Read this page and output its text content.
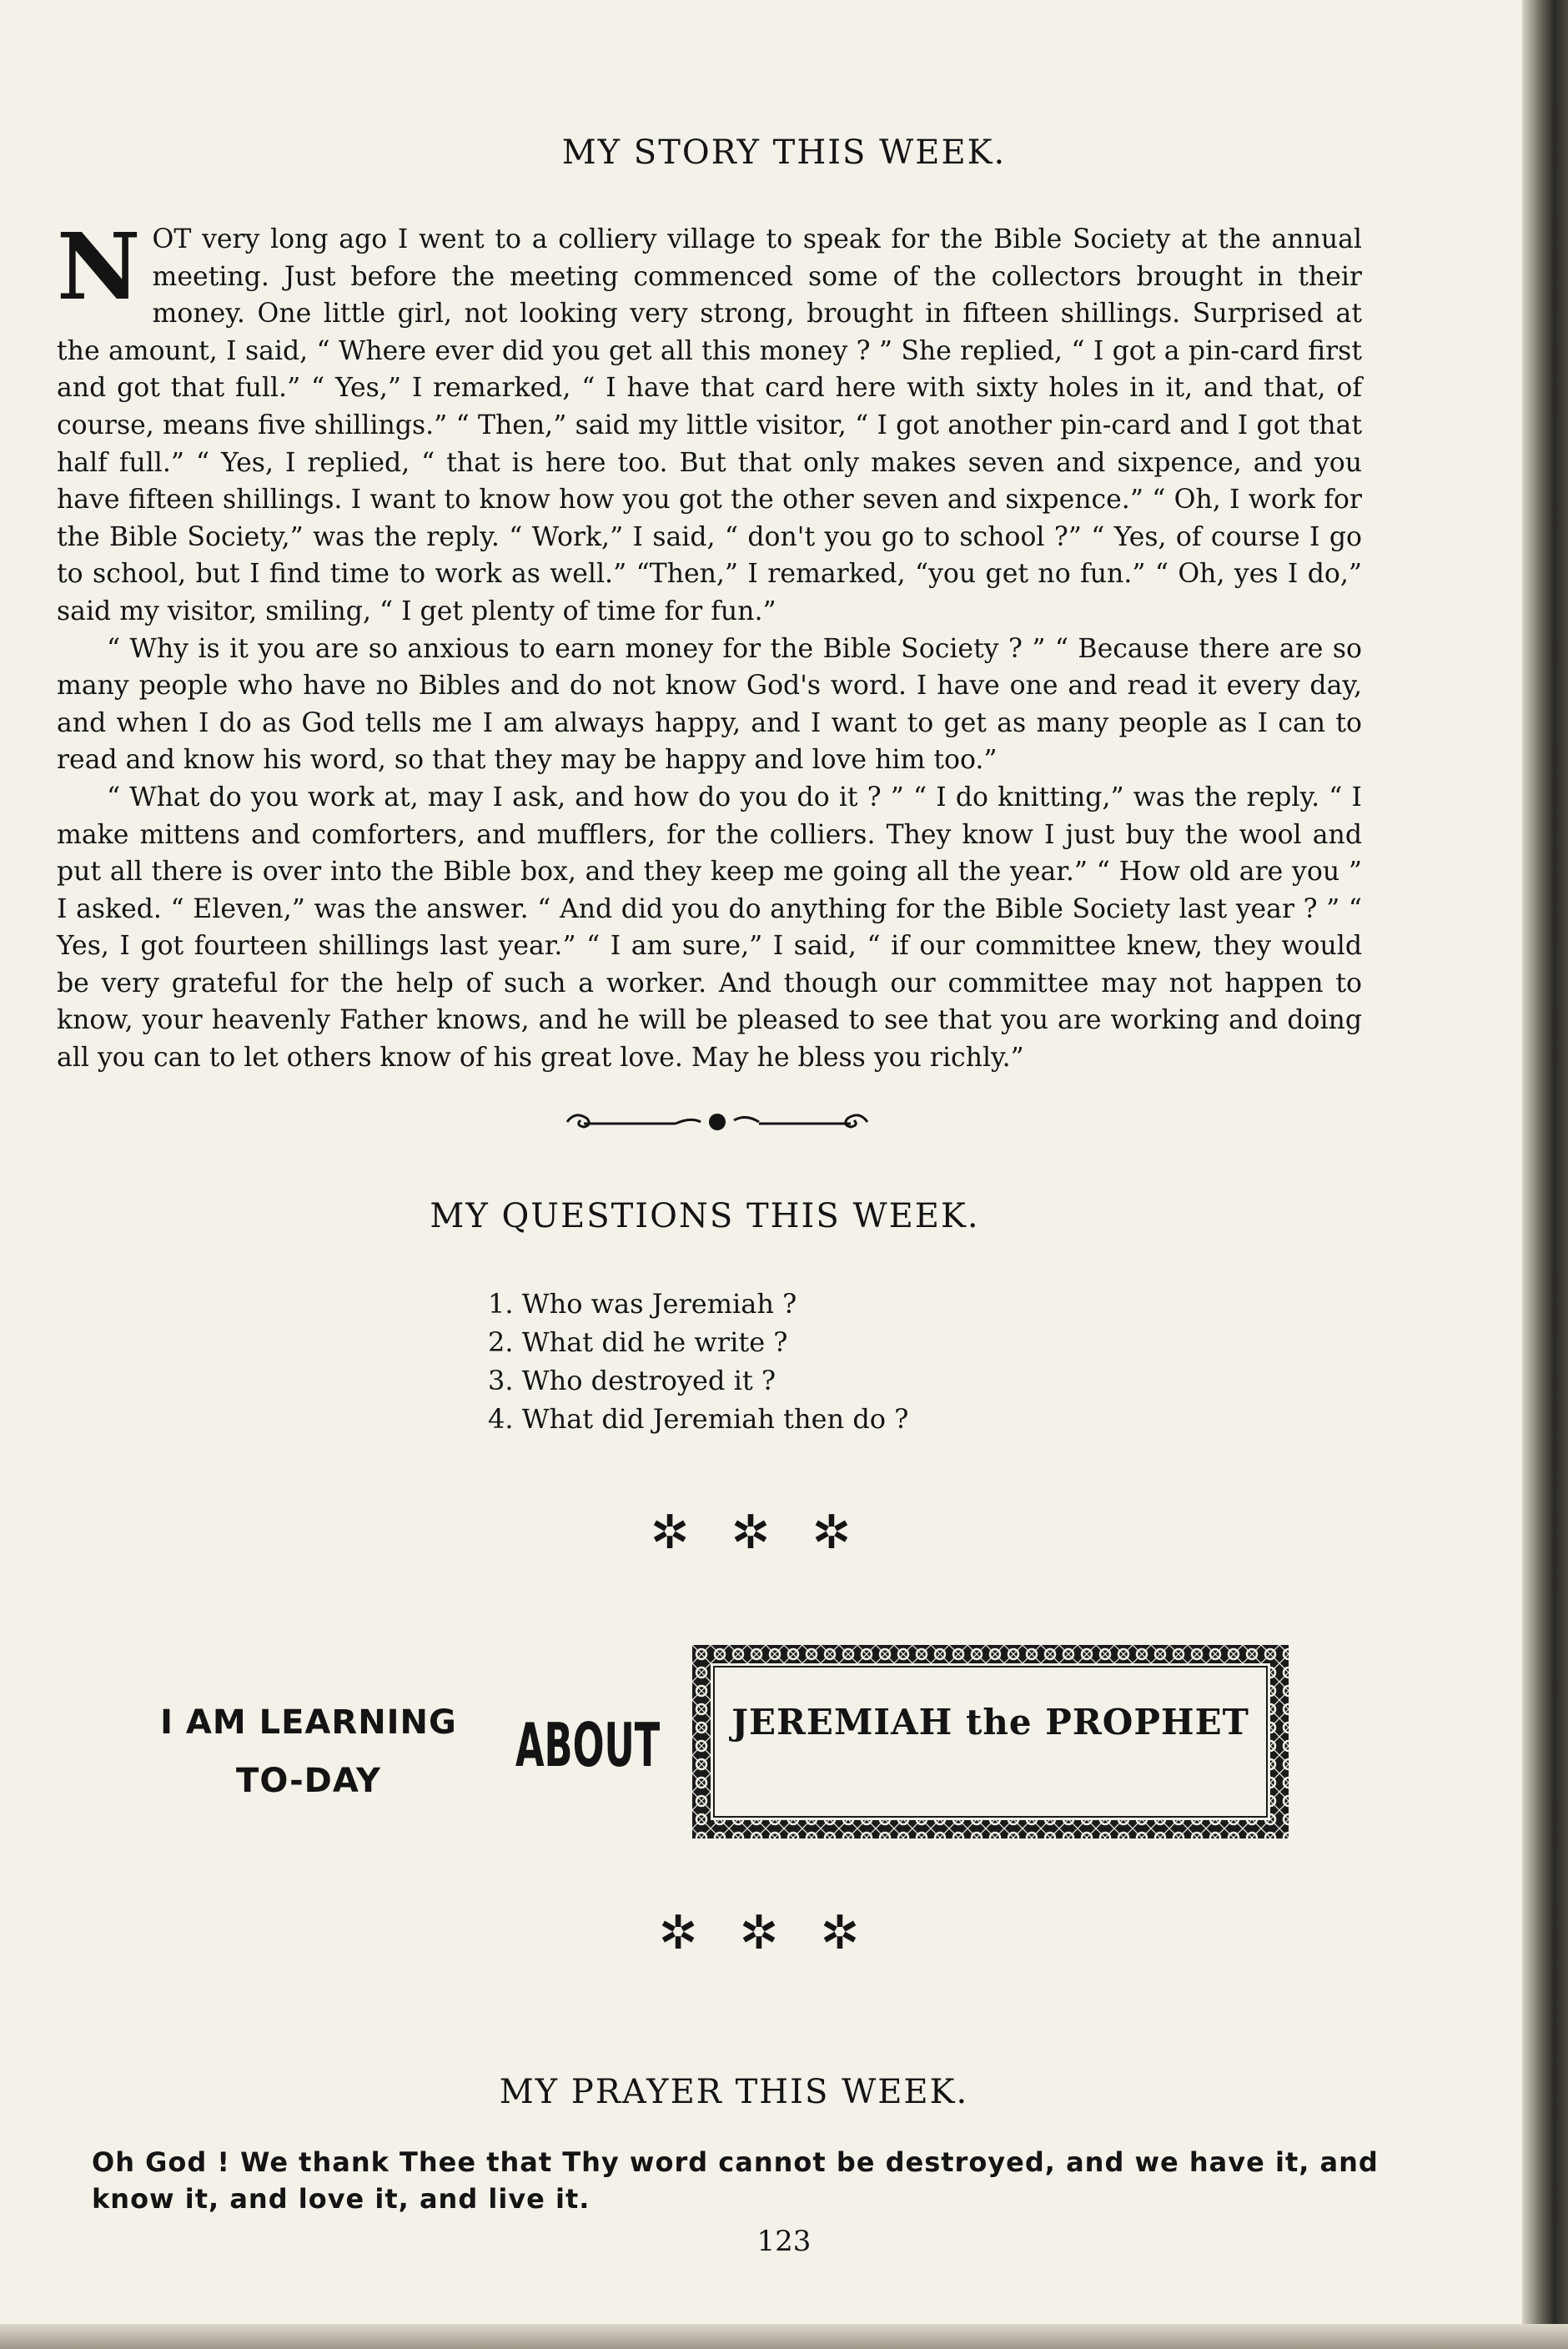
MY STORY THIS WEEK.

NOT very long ago I went to a colliery village to speak for the Bible Society at the annual meeting. Just before the meeting commenced some of the collectors brought in their money. One little girl, not looking very strong, brought in fifteen shillings. Surprised at the amount, I said, “ Where ever did you get all this money ? ” She replied, “ I got a pin-card first and got that full.” “ Yes,” I remarked, “ I have that card here with sixty holes in it, and that, of course, means five shillings.” “ Then,” said my little visitor, “ I got another pin-card and I got that half full.” “ Yes, I replied, “ that is here too. But that only makes seven and sixpence, and you have fifteen shillings. I want to know how you got the other seven and sixpence.” “ Oh, I work for the Bible Society,” was the reply. “ Work,” I said, “ don't you go to school ?” “ Yes, of course I go to school, but I find time to work as well.” “Then,” I remarked, “you get no fun.” “ Oh, yes I do,” said my visitor, smiling, “ I get plenty of time for fun.”

“ Why is it you are so anxious to earn money for the Bible Society ? ” “ Because there are so many people who have no Bibles and do not know God's word. I have one and read it every day, and when I do as God tells me I am always happy, and I want to get as many people as I can to read and know his word, so that they may be happy and love him too.”

“ What do you work at, may I ask, and how do you do it ? ” “ I do knitting,” was the reply. “ I make mittens and comforters, and mufflers, for the colliers. They know I just buy the wool and put all there is over into the Bible box, and they keep me going all the year.” “ How old are you ” I asked. “ Eleven,” was the answer. “ And did you do anything for the Bible Society last year ? ” “ Yes, I got fourteen shillings last year.” “ I am sure,” I said, “ if our committee knew, they would be very grateful for the help of such a worker. And though our committee may not happen to know, your heavenly Father knows, and he will be pleased to see that you are working and doing all you can to let others know of his great love. May he bless you richly.”

MY QUESTIONS THIS WEEK.
1. Who was Jeremiah ?
2. What did he write ?
3. Who destroyed it ?
4. What did Jeremiah then do ?
✲✲✲
I AM LEARNING
TO-DAY
ABOUT	JEREMIAH the PROPHET
✲✲✲
MY PRAYER THIS WEEK.
Oh God ! We thank Thee that Thy word cannot be destroyed, and we have it, and know it, and love it, and live it.
123
